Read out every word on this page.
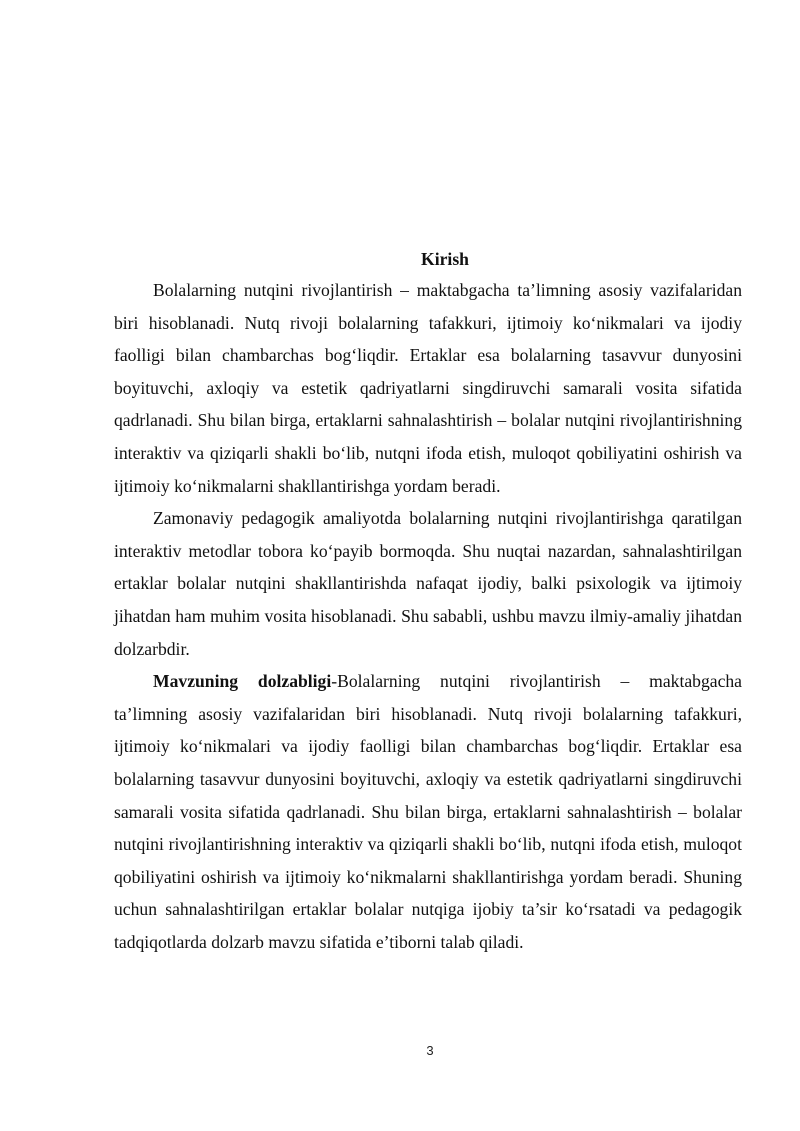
Kirish

Bolalarning nutqini rivojlantirish – maktabgacha ta’limning asosiy vazifalaridan biri hisoblanadi. Nutq rivoji bolalarning tafakkuri, ijtimoiy ko‘nikmalari va ijodiy faolligi bilan chambarchas bog‘liqdir. Ertaklar esa bolalarning tasavvur dunyosini boyituvchi, axloqiy va estetik qadriyatlarni singdiruvchi samarali vosita sifatida qadrlanadi. Shu bilan birga, ertaklarni sahnalashtirish – bolalar nutqini rivojlantirishning interaktiv va qiziqarli shakli bo‘lib, nutqni ifoda etish, muloqot qobiliyatini oshirish va ijtimoiy ko‘nikmalarni shakllantirishga yordam beradi.

Zamonaviy pedagogik amaliyotda bolalarning nutqini rivojlantirishga qaratilgan interaktiv metodlar tobora ko‘payib bormoqda. Shu nuqtai nazardan, sahnalashtirilgan ertaklar bolalar nutqini shakllantirishda nafaqat ijodiy, balki psixologik va ijtimoiy jihatdan ham muhim vosita hisoblanadi. Shu sababli, ushbu mavzu ilmiy-amaliy jihatdan dolzarbdir.

Mavzuning dolzabligi-Bolalarning nutqini rivojlantirish – maktabgacha ta’limning asosiy vazifalaridan biri hisoblanadi. Nutq rivoji bolalarning tafakkuri, ijtimoiy ko‘nikmalari va ijodiy faolligi bilan chambarchas bog‘liqdir. Ertaklar esa bolalarning tasavvur dunyosini boyituvchi, axloqiy va estetik qadriyatlarni singdiruvchi samarali vosita sifatida qadrlanadi. Shu bilan birga, ertaklarni sahnalashtirish – bolalar nutqini rivojlantirishning interaktiv va qiziqarli shakli bo‘lib, nutqni ifoda etish, muloqot qobiliyatini oshirish va ijtimoiy ko‘nikmalarni shakllantirishga yordam beradi. Shuning uchun sahnalashtirilgan ertaklar bolalar nutqiga ijobiy ta’sir ko‘rsatadi va pedagogik tadqiqotlarda dolzarb mavzu sifatida e’tiborni talab qiladi.

3
